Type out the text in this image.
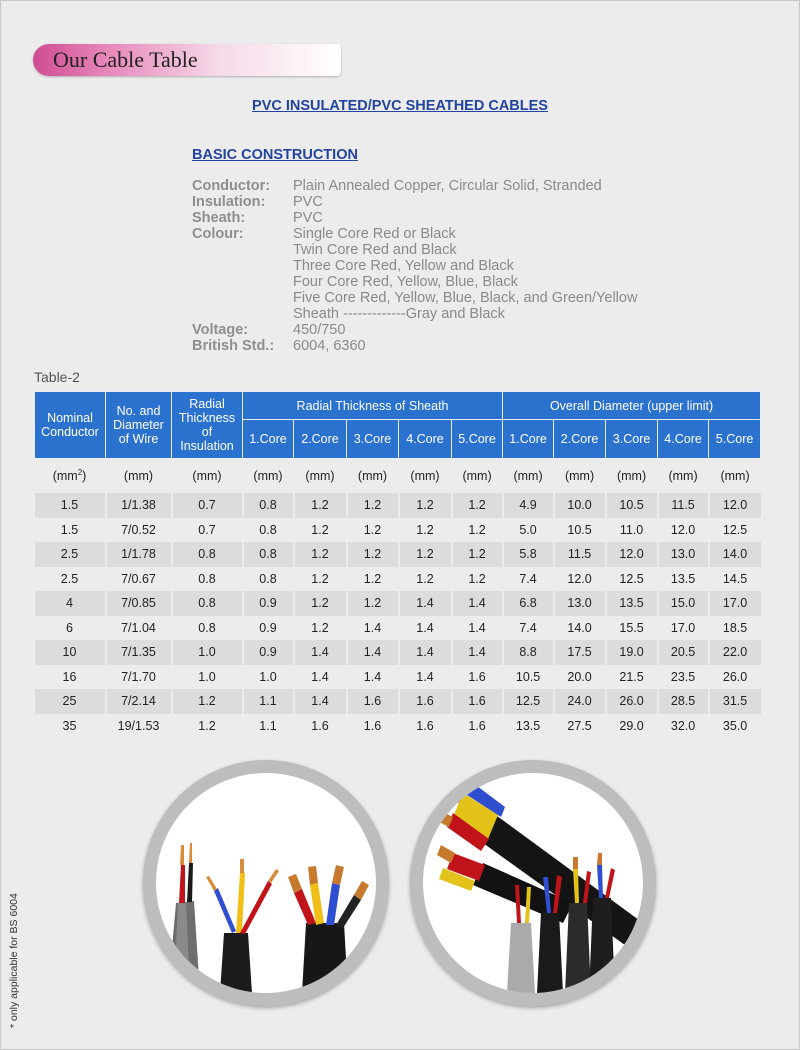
Our Cable Table
PVC INSULATED/PVC SHEATHED CABLES
BASIC CONSTRUCTION
Conductor:	Plain Annealed Copper, Circular Solid, Stranded
Insulation:	PVC
Sheath:	PVC
Colour:	Single Core Red or Black
Twin Core Red and Black
Three Core Red, Yellow and Black
Four Core Red, Yellow, Blue, Black
Five Core Red, Yellow, Blue, Black, and Green/Yellow
Sheath -------------Gray and Black
Voltage:	450/750
British Std.:	6004, 6360
Table-2
Nominal
Conductor	No. and
Diameter
of Wire	Radial
Thickness
of
Insulation	Radial Thickness of Sheath					Overall Diameter (upper limit)				
			1.Core	2.Core	3.Core	4.Core	5.Core	1.Core	2.Core	3.Core	4.Core	5.Core
$(mm^2)$	(mm)	(mm)	(mm)	(mm)	(mm)	(mm)	(mm)	(mm)	(mm)	(mm)	(mm)	(mm)
1.5	1/1.38	0.7	0.8	1.2	1.2	1.2	1.2	4.9	10.0	10.5	11.5	12.0
1.5	7/0.52	0.7	0.8	1.2	1.2	1.2	1.2	5.0	10.5	11.0	12.0	12.5
2.5	1/1.78	0.8	0.8	1.2	1.2	1.2	1.2	5.8	11.5	12.0	13.0	14.0
2.5	7/0.67	0.8	0.8	1.2	1.2	1.2	1.2	7.4	12.0	12.5	13.5	14.5
4	7/0.85	0.8	0.9	1.2	1.2	1.4	1.4	6.8	13.0	13.5	15.0	17.0
6	7/1.04	0.8	0.9	1.2	1.4	1.4	1.4	7.4	14.0	15.5	17.0	18.5
10	7/1.35	1.0	0.9	1.4	1.4	1.4	1.4	8.8	17.5	19.0	20.5	22.0
16	7/1.70	1.0	1.0	1.4	1.4	1.4	1.6	10.5	20.0	21.5	23.5	26.0
25	7/2.14	1.2	1.1	1.4	1.6	1.6	1.6	12.5	24.0	26.0	28.5	31.5
35	19/1.53	1.2	1.1	1.6	1.6	1.6	1.6	13.5	27.5	29.0	32.0	35.0
* only applicable for BS 6004
